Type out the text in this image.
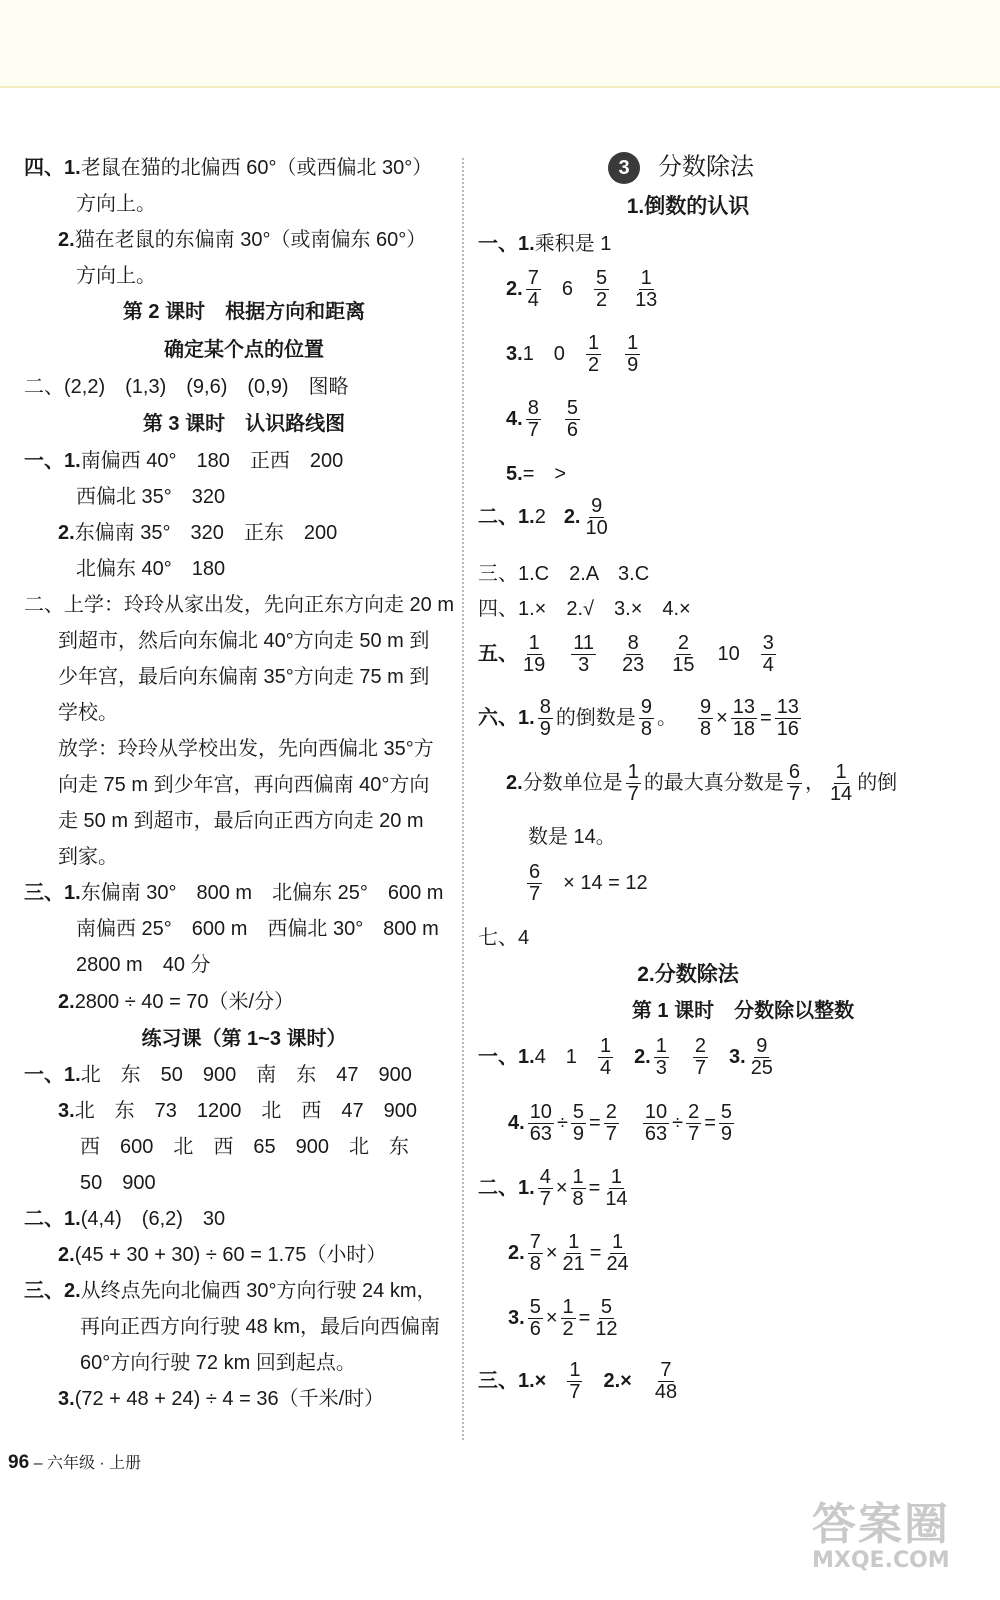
四、1.老鼠在猫的北偏西 60°（或西偏北 30°）
方向上。
2.猫在老鼠的东偏南 30°（或南偏东 60°）
方向上。
第 2 课时　根据方向和距离
确定某个点的位置
二、(2,2)　(1,3)　(9,6)　(0,9)　图略
第 3 课时　认识路线图
一、1.南偏西 40°　180　正西　200
西偏北 35°　320
2.东偏南 35°　320　正东　200
北偏东 40°　180
二、上学：玲玲从家出发，先向正东方向走 20 m
到超市，然后向东偏北 40°方向走 50 m 到
少年宫，最后向东偏南 35°方向走 75 m 到
学校。
放学：玲玲从学校出发，先向西偏北 35°方
向走 75 m 到少年宫，再向西偏南 40°方向
走 50 m 到超市，最后向正西方向走 20 m
到家。
三、1.东偏南 30°　800 m　北偏东 25°　600 m
南偏西 25°　600 m　西偏北 30°　800 m
2800 m　40 分
2.2800 ÷ 40 = 70（米/分）
练习课（第 1~3 课时）
一、1.北　东　50　900　南　东　47　900
3.北　东　73　1200　北　西　47　900
西　600　北　西　65　900　北　东
50　900
二、1.(4,4)　(6,2)　30
2.(45 + 30 + 30) ÷ 60 = 1.75（小时）
三、2.从终点先向北偏西 30°方向行驶 24 km，
再向正西方向行驶 48 km，最后向西偏南
60°方向行驶 72 km 回到起点。
3.(72 + 48 + 24) ÷ 4 = 36（千米/时）
3 分数除法
1.倒数的认识
一、1.乘积是 1
2. $\frac{7}{4} 6 \frac{5}{2} \frac{1}{13}$
3.1　$0 \frac{1}{2} \frac{1}{9}$
4. $\frac{8}{7} \frac{5}{6}$
5.=　>
二、1.2 2. $\frac{9}{10}$
三、1.C　2.A　3.C
四、1.×　2.√　3.×　4.×
五、 $\frac{1}{19} \frac{11}{3} \frac{8}{23} \frac{2}{15} 10 \frac{3}{4}$
六、1. $\frac{8}{9}$ 的倒数是 $\frac{9}{8}$ 。 $\frac{9}{8} \times \frac{13}{18} = \frac{13}{16}$
2.分数单位是 $\frac{1}{7}$ 的最大真分数是 $\frac{6}{7}$ ， $\frac{1}{14}$ 的倒
数是 14。
$\frac{6}{7} \times 14 = 12$
七、4
2.分数除法
第 1 课时　分数除以整数
一、1.4　$1 \frac{1}{4} 2$. $\frac{1}{3} \frac{2}{7} 3$. $\frac{9}{25}$
4. $\frac{10}{63} \div \frac{5}{9} = \frac{2}{7} \frac{10}{63} \div \frac{2}{7} = \frac{5}{9}$
二、1. $\frac{4}{7} \times \frac{1}{8} = \frac{1}{14}$
2. $\frac{7}{8} \times \frac{1}{21} = \frac{1}{24}$
3. $\frac{5}{6} \times \frac{1}{2} = \frac{5}{12}$
三、$1.\times \frac{1}{7} 2.\times \frac{7}{48}$
96 – 六年级 · 上册
答案圈
MXQE.COM
